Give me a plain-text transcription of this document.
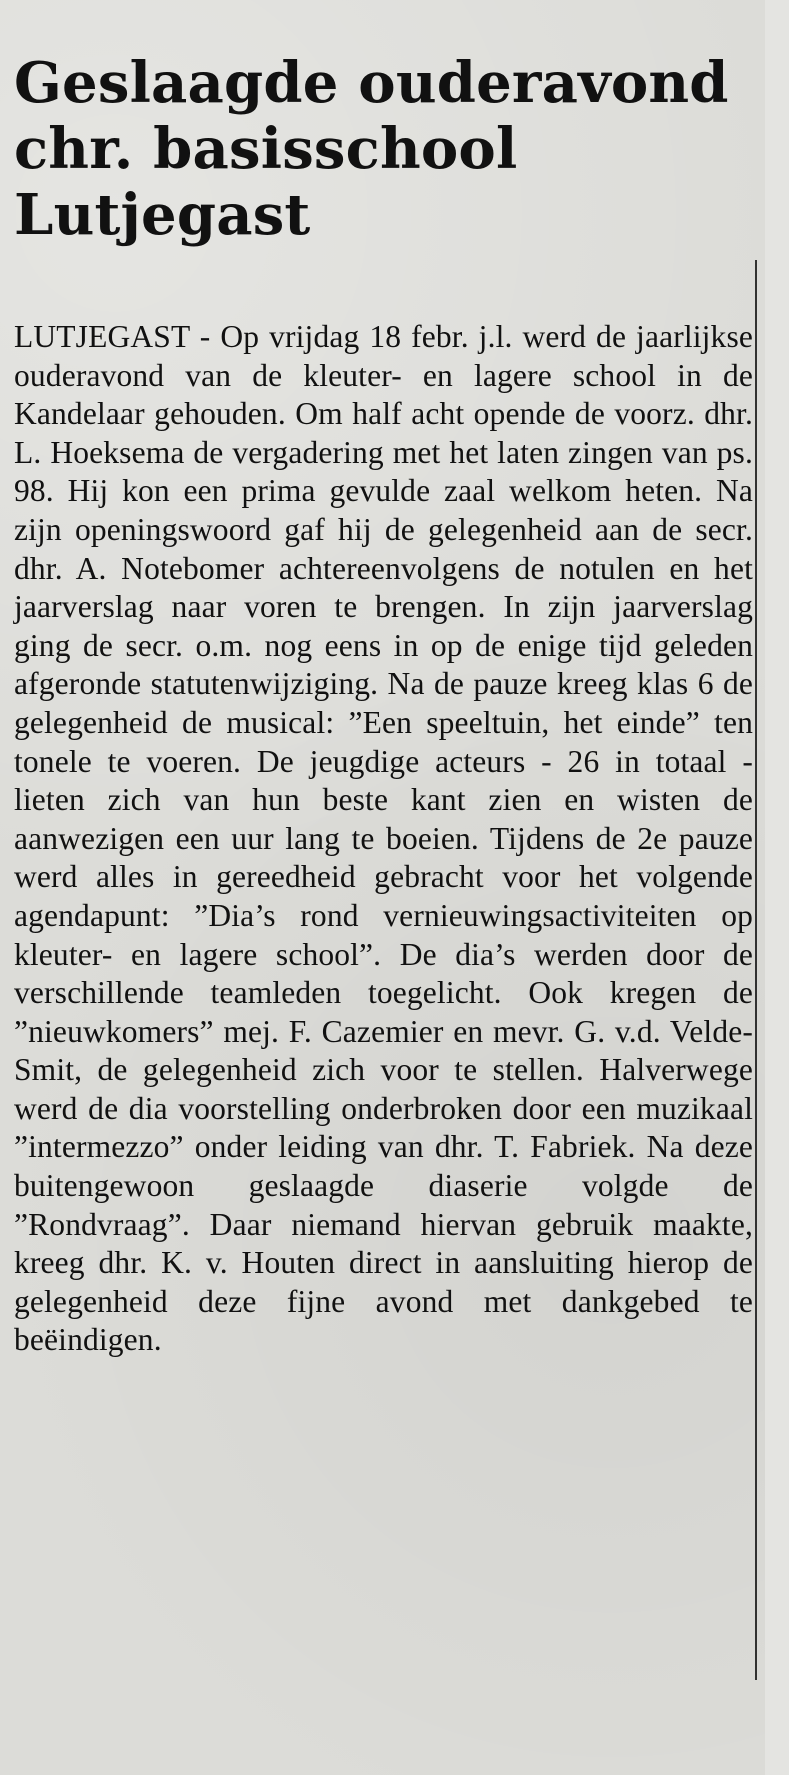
Geslaagde ouderavond chr. basisschool Lutjegast

LUTJEGAST - Op vrijdag 18 febr. j.l. werd de jaarlijkse ouderavond van de kleuter- en lagere school in de Kandelaar gehouden. Om half acht opende de voorz. dhr. L. Hoeksema de vergadering met het laten zingen van ps. 98. Hij kon een prima gevulde zaal welkom heten. Na zijn openingswoord gaf hij de gelegenheid aan de secr. dhr. A. Notebomer achtereenvolgens de notulen en het jaarverslag naar voren te brengen. In zijn jaarverslag ging de secr. o.m. nog eens in op de enige tijd geleden afgeronde statutenwijziging. Na de pauze kreeg klas 6 de gelegenheid de musical: ”Een speeltuin, het einde” ten tonele te voeren. De jeugdige acteurs - 26 in totaal - lieten zich van hun beste kant zien en wisten de aanwezigen een uur lang te boeien. Tijdens de 2e pauze werd alles in gereedheid gebracht voor het volgende agendapunt: ”Dia’s rond vernieuwingsactiviteiten op kleuter- en lagere school”. De dia’s werden door de verschillende teamleden toegelicht. Ook kregen de ”nieuwkomers” mej. F. Cazemier en mevr. G. v.d. Velde-Smit, de gelegenheid zich voor te stellen. Halverwege werd de dia voorstelling onderbroken door een muzikaal ”intermezzo” onder leiding van dhr. T. Fabriek. Na deze buitengewoon geslaagde diaserie volgde de ”Rondvraag”. Daar niemand hiervan gebruik maakte, kreeg dhr. K. v. Houten direct in aansluiting hierop de gelegenheid deze fijne avond met dankgebed te beëindigen.
